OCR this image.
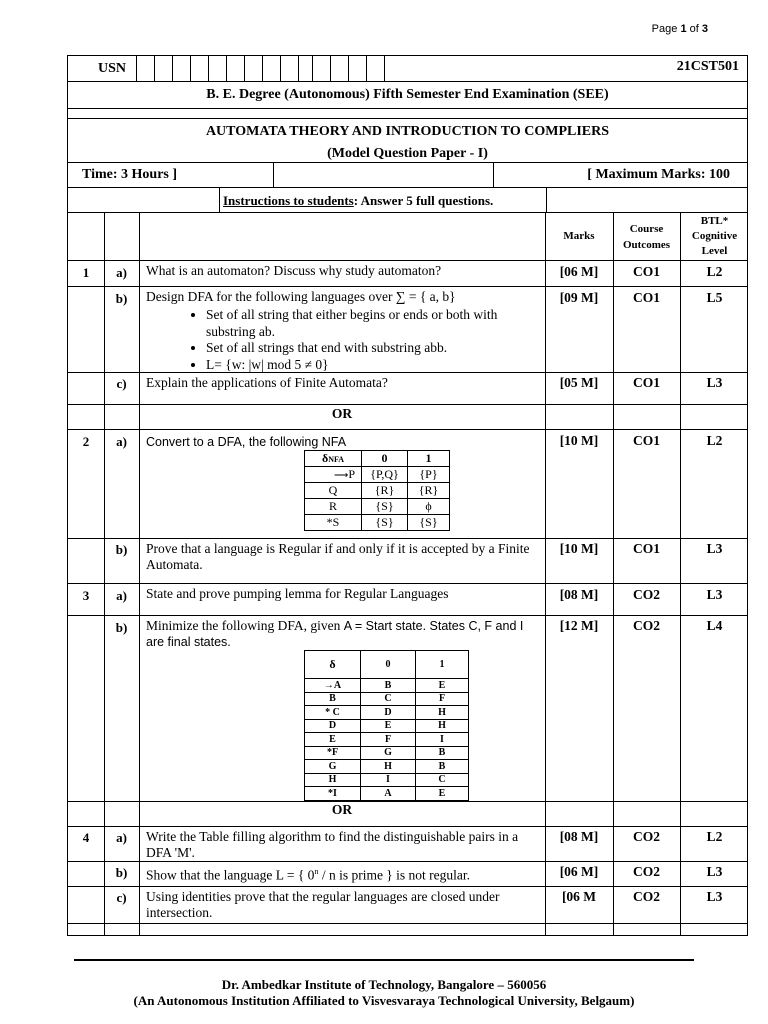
Page 1 of 3
USN	21CST501
B. E. Degree (Autonomous) Fifth Semester End Examination (SEE)
AUTOMATA THEORY AND INTRODUCTION TO COMPLIERS
(Model Question Paper - I)
Time: 3 Hours ]	[ Maximum Marks: 100
Instructions to students: Answer 5 full questions.
Marks
Course
Outcomes
BTL*
Cognitive
Level
1	a)	What is an automaton? Discuss why study automaton?	[06 M]	CO1	L2
b)	Design DFA for the following languages over ∑ = { a, b}
• Set of all string that either begins or ends or both with substring ab.
• Set of all strings that end with substring abb.
• L= {w: |w| mod 5 ≠ 0}
[09 M]	CO1	L5
c)	Explain the applications of Finite Automata?	[05 M]	CO1	L3
OR
2	a)	Convert to a DFA, the following NFA
δNFA	0	1
⟶P	{P,Q}	{P}
Q	{R}	{R}
R	{S}	ϕ
*S	{S}	{S}
[10 M]	CO1	L2
b)	Prove that a language is Regular if and only if it is accepted by a Finite Automata.
[10 M]	CO1	L3
3	a)	State and prove pumping lemma for Regular Languages	[08 M]	CO2	L3
b)	Minimize the following DFA, given A = Start state. States C, F and I are final states.
δ	0	1
→A	B	E
B	C	F
* C	D	H
D	E	H
E	F	I
*F	G	B
G	H	B
H	I	C
*I	A	E
[12 M]	CO2	L4
OR
4	a)	Write the Table filling algorithm to find the distinguishable pairs in a DFA 'M'.
[08 M]	CO2	L2
b)	Show that the language L = { 0$^n$ / n is prime } is not regular.	[06 M]	CO2	L3
c)	Using identities prove that the regular languages are closed under intersection.
[06 M	CO2	L3
Dr. Ambedkar Institute of Technology, Bangalore – 560056
(An Autonomous Institution Affiliated to Visvesvaraya Technological University, Belgaum)
